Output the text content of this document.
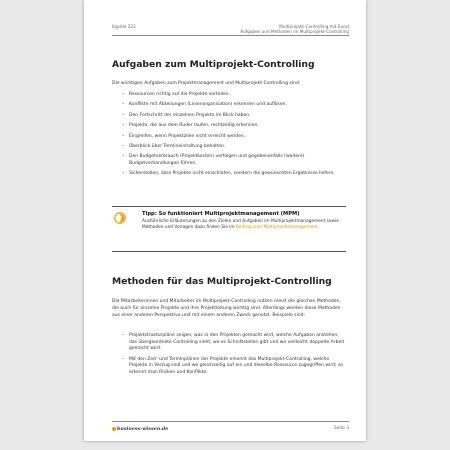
Kapitel 222	Multiprojekt-Controlling mit Excel
Aufgaben und Methoden im Multiprojekt-Controlling
Aufgaben zum Multiprojekt-Controlling
Die wichtigen Aufgaben zum Projektmanagement und Multiprojekt-Controlling sind:
– Ressourcen richtig auf die Projekte verteilen.
– Konflikte mit Abteilungen (Linienorganisation) erkennen und auflösen.
– Den Fortschritt der einzelnen Projekte im Blick haben.
– Projekte, die aus dem Ruder laufen, rechtzeitig erkennen.
– Eingreifen, wenn Projektziele nicht erreicht werden.
– Überblick über Termineinhaltung behalten.
– Den Budgetverbrauch (Projektkosten) verfolgen und gegebenenfalls (weitere) Budgetverhandlungen führen.
– Sicherstellen, dass Projekte nicht einschlafen, sondern die gewünschten Ergebnisse liefern.
Tipp: So funktioniert Multiprojektmanagement (MPM)
Ausführliche Erläuterungen zu den Zielen und Aufgaben im Multiprojektmanagement sowie Methoden und Vorlagen dazu finden Sie im Beitrag zum Multiprojektmanagement.
Methoden für das Multiprojekt-Controlling
Die Mitarbeiterinnen und Mitarbeiter im Multiprojekt-Controlling nutzen meist die gleichen Methoden, die auch für einzelne Projekte und ihre Projektleitung wichtig sind. Allerdings werden diese Methoden aus einer anderen Perspektive und mit einem anderen Zweck genutzt. Beispiele sind:
– Projektstrukturpläne zeigen, was in den Projekten gemacht wird, welche Aufgaben anstehen; das übergeordnete Controlling sieht, wo es Schnittstellen gibt und wo vielleicht doppelte Arbeit gemacht wird.
– Mit den Zeit- und Terminplänen der Projekte erkennt das Multiprojekt-Controlling, welche Projekte in Verzug sind und wo gleichzeitig auf ein und dieselbe Ressource zugegriffen wird; so erkennt man Risiken und Konflikte.
business-wissen.de	Seite 3
